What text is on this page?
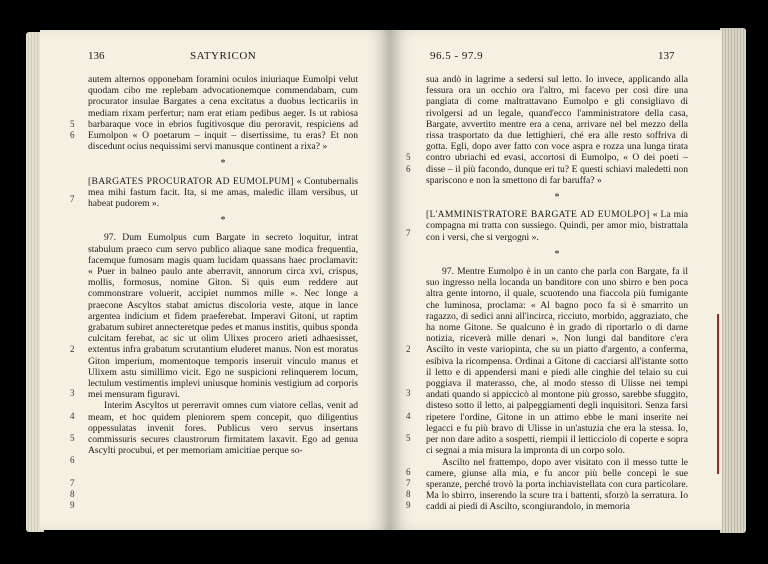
136	SATYRICON
5
6
7
2
3
4
5
6
7
8
9

autem alternos opponebam foramini oculos iniuriaque Eumolpi velut quodam cibo me replebam advocationemque commendabam, cum procurator insulae Bargates a cena excitatus a duobus lecticariis in mediam rixam perfertur; nam erat etiam pedibus aeger. Is ut rabiosa barbaraque voce in ebrios fugitivosque diu peroravit, respiciens ad Eumolpon « O poetarum – inquit – disertissime, tu eras? Et non discedunt ocius nequissimi servi manusque continent a rixa? »

*

[BARGATES PROCURATOR AD EUMOLPUM] « Contubernalis mea mihi fastum facit. Ita, si me amas, maledic illam versibus, ut habeat pudorem ».

*

97. Dum Eumolpus cum Bargate in secreto loquitur, intrat stabulum praeco cum servo publico aliaque sane modica frequentia, facemque fumosam magis quam lucidam quassans haec proclamavit: « Puer in balneo paulo ante aberravit, annorum circa xvi, crispus, mollis, formosus, nomine Giton. Si quis eum reddere aut commonstrare voluerit, accipiet nummos mille ». Nec longe a praecone Ascyltos stabat amictus discoloria veste, atque in lance argentea indicium et fidem praeferebat. Imperavi Gitoni, ut raptim grabatum subiret annecteretque pedes et manus institis, quibus sponda culcitam ferebat, ac sic ut olim Ulixes procero arieti adhaesisset, extentus infra grabatum scrutantium eluderet manus. Non est moratus Giton imperium, momentoque temporis inseruit vinculo manus et Ulixem astu simillimo vicit. Ego ne suspicioni relinquerem locum, lectulum vestimentis implevi uniusque hominis vestigium ad corporis mei mensuram figuravi.

Interim Ascyltos ut pererravit omnes cum viatore cellas, venit ad meam, et hoc quidem pleniorem spem concepit, quo diligentius oppessulatas invenit fores. Publicus vero servus insertans commissuris secures claustrorum firmitatem laxavit. Ego ad genua Ascylti procubui, et per memoriam amicitiae perque so-

96.5 - 97.9	137
5
6
7
2
3
4
5
6
7
8
9

sua andò in lagrime a sedersi sul letto. Io invece, applicando alla fessura ora un occhio ora l'altro, mi facevo per così dire una pangiata di come maltrattavano Eumolpo e gli consigliavo di rivolgersi ad un legale, quand'ecco l'amministratore della casa, Bargate, avvertito mentre era a cena, arrivare nel bel mezzo della rissa trasportato da due lettighieri, ché era alle resto soffriva di gotta. Egli, dopo aver fatto con voce aspra e rozza una lunga tirata contro ubriachi ed evasi, accortosi di Eumolpo, « O dei poeti – disse – il più facondo, dunque eri tu? E questi schiavi maledetti non spariscono e non la smettono di far baruffa? »

*

[L'AMMINISTRATORE BARGATE AD EUMOLPO] « La mia compagna mi tratta con sussiego. Quindi, per amor mio, bistrattala con i versi, che si vergogni ».

*

97. Mentre Eumolpo è in un canto che parla con Bargate, fa il suo ingresso nella locanda un banditore con uno sbirro e ben poca altra gente intorno, il quale, scuotendo una fiaccola più fumigante che luminosa, proclama: « Al bagno poco fa si è smarrito un ragazzo, di sedici anni all'incirca, ricciuto, morbido, aggraziato, che ha nome Gitone. Se qualcuno è in grado di riportarlo o di darne notizia, riceverà mille denari ». Non lungi dal banditore c'era Ascilto in veste variopinta, che su un piatto d'argento, a conferma, esibiva la ricompensa. Ordinai a Gitone di cacciarsi all'istante sotto il letto e di appendersi mani e piedi alle cinghie del telaio su cui poggiava il materasso, che, al modo stesso di Ulisse nei tempi andati quando si appiccicò al montone più grosso, sarebbe sfuggito, disteso sotto il letto, ai palpeggiamenti degli inquisitori. Senza farsi ripetere l'ordine, Gitone in un attimo ebbe le mani inserite nei legacci e fu più bravo di Ulisse in un'astuzia che era la stessa. Io, per non dare adito a sospetti, riempii il letticciolo di coperte e sopra ci segnai a mia misura la impronta di un corpo solo.

Ascilto nel frattempo, dopo aver visitato con il messo tutte le camere, giunse alla mia, e fu ancor più belle concepì le sue speranze, perché trovò la porta inchiavistellata con cura particolare. Ma lo sbirro, inserendo la scure tra i battenti, sforzò la serratura. Io caddi ai piedi di Ascilto, scongiurandolo, in memoria
